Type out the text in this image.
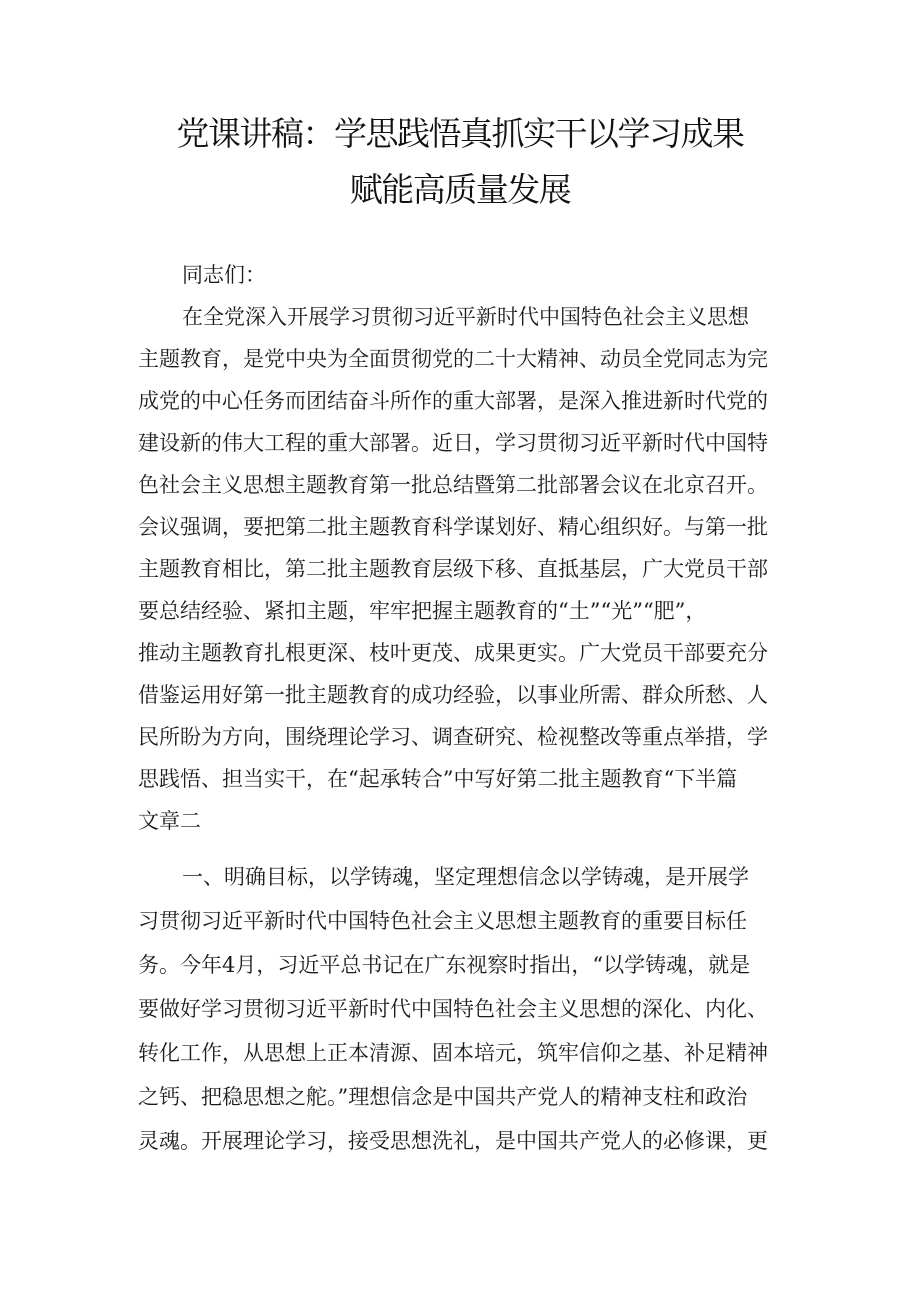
党课讲稿：学思践悟真抓实干以学习成果
赋能高质量发展
同志们：
在全党深入开展学习贯彻习近平新时代中国特色社会主义思想
主题教育，是党中央为全面贯彻党的二十大精神、动员全党同志为完
成党的中心任务而团结奋斗所作的重大部署，是深入推进新时代党的
建设新的伟大工程的重大部署。近日，学习贯彻习近平新时代中国特
色社会主义思想主题教育第一批总结暨第二批部署会议在北京召开。
会议强调，要把第二批主题教育科学谋划好、精心组织好。与第一批
主题教育相比，第二批主题教育层级下移、直抵基层，广大党员干部
要总结经验、紧扣主题，牢牢把握主题教育的“土”“光”“肥”，
推动主题教育扎根更深、枝叶更茂、成果更实。广大党员干部要充分
借鉴运用好第一批主题教育的成功经验，以事业所需、群众所愁、人
民所盼为方向，围绕理论学习、调查研究、检视整改等重点举措，学
思践悟、担当实干，在“起承转合”中写好第二批主题教育“下半篇
文章二
一、明确目标，以学铸魂，坚定理想信念以学铸魂，是开展学
习贯彻习近平新时代中国特色社会主义思想主题教育的重要目标任
务。今年4月，习近平总书记在广东视察时指出，“以学铸魂，就是
要做好学习贯彻习近平新时代中国特色社会主义思想的深化、内化、
转化工作，从思想上正本清源、固本培元，筑牢信仰之基、补足精神
之钙、把稳思想之舵。”理想信念是中国共产党人的精神支柱和政治
灵魂。开展理论学习，接受思想洗礼，是中国共产党人的必修课，更
